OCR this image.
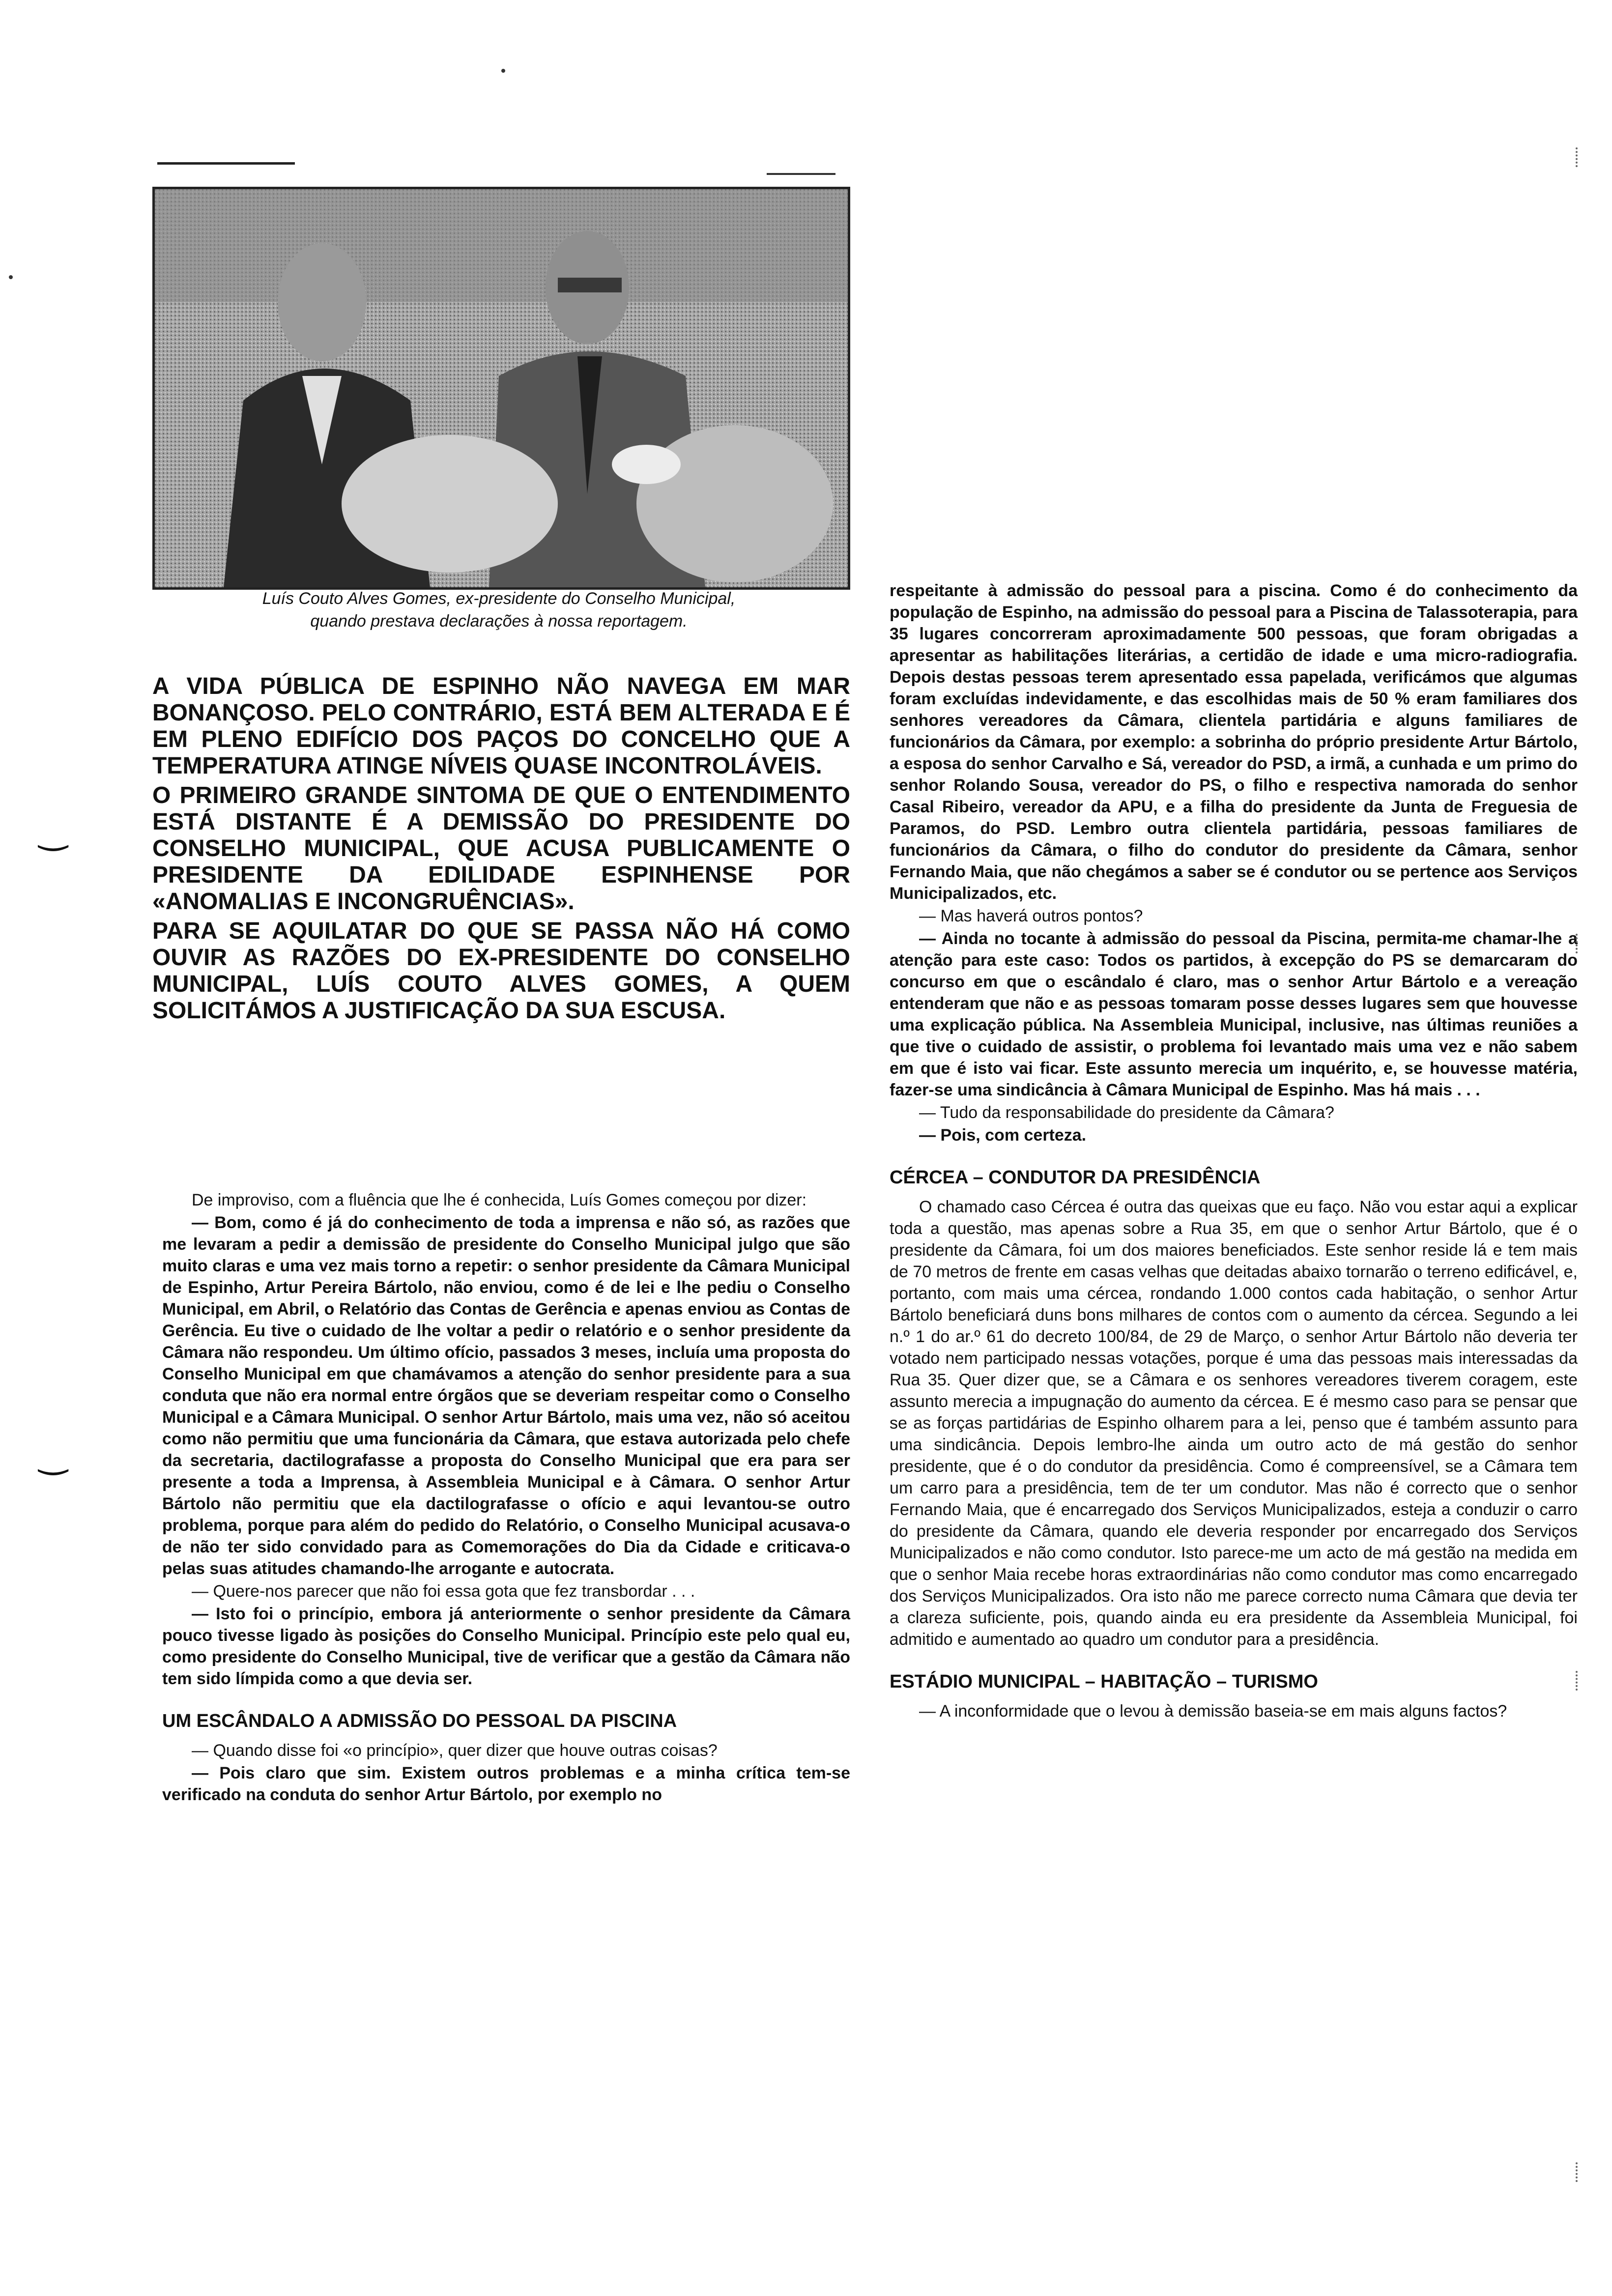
Luís Couto Alves Gomes, ex-presidente do Conselho Municipal,
quando prestava declarações à nossa reportagem.

A VIDA PÚBLICA DE ESPINHO NÃO NAVEGA EM MAR BONANÇOSO. PELO CONTRÁRIO, ESTÁ BEM ALTERADA E É EM PLENO EDIFÍCIO DOS PAÇOS DO CONCELHO QUE A TEMPERATURA ATINGE NÍVEIS QUASE INCONTROLÁVEIS.

O PRIMEIRO GRANDE SINTOMA DE QUE O ENTENDIMENTO ESTÁ DISTANTE É A DEMISSÃO DO PRESIDENTE DO CONSELHO MUNICIPAL, QUE ACUSA PUBLICAMENTE O PRESIDENTE DA EDILIDADE ESPINHENSE POR «ANOMALIAS E INCONGRUÊNCIAS».

PARA SE AQUILATAR DO QUE SE PASSA NÃO HÁ COMO OUVIR AS RAZÕES DO EX-PRESIDENTE DO CONSELHO MUNICIPAL, LUÍS COUTO ALVES GOMES, A QUEM SOLICITÁMOS A JUSTIFICAÇÃO DA SUA ESCUSA.

De improviso, com a fluência que lhe é conhecida, Luís Gomes começou por dizer:

— Bom, como é já do conhecimento de toda a imprensa e não só, as razões que me levaram a pedir a demissão de presidente do Conselho Municipal julgo que são muito claras e uma vez mais torno a repetir: o senhor presidente da Câmara Municipal de Espinho, Artur Pereira Bártolo, não enviou, como é de lei e lhe pediu o Conselho Municipal, em Abril, o Relatório das Contas de Gerência e apenas enviou as Contas de Gerência. Eu tive o cuidado de lhe voltar a pedir o relatório e o senhor presidente da Câmara não respondeu. Um último ofício, passados 3 meses, incluía uma proposta do Conselho Municipal em que chamávamos a atenção do senhor presidente para a sua conduta que não era normal entre órgãos que se deveriam respeitar como o Conselho Municipal e a Câmara Municipal. O senhor Artur Bártolo, mais uma vez, não só aceitou como não permitiu que uma funcionária da Câmara, que estava autorizada pelo chefe da secretaria, dactilografasse a proposta do Conselho Municipal que era para ser presente a toda a Imprensa, à Assembleia Municipal e à Câmara. O senhor Artur Bártolo não permitiu que ela dactilografasse o ofício e aqui levantou-se outro problema, porque para além do pedido do Relatório, o Conselho Municipal acusava-o de não ter sido convidado para as Comemorações do Dia da Cidade e criticava-o pelas suas atitudes chamando-lhe arrogante e autocrata.

— Quere-nos parecer que não foi essa gota que fez transbordar . . .

— Isto foi o princípio, embora já anteriormente o senhor presidente da Câmara pouco tivesse ligado às posições do Conselho Municipal. Princípio este pelo qual eu, como presidente do Conselho Municipal, tive de verificar que a gestão da Câmara não tem sido límpida como a que devia ser.

UM ESCÂNDALO A ADMISSÃO DO PESSOAL DA PISCINA

— Quando disse foi «o princípio», quer dizer que houve outras coisas?

— Pois claro que sim. Existem outros problemas e a minha crítica tem-se verificado na conduta do senhor Artur Bártolo, por exemplo no

respeitante à admissão do pessoal para a piscina. Como é do conhecimento da população de Espinho, na admissão do pessoal para a Piscina de Talassoterapia, para 35 lugares concorreram aproximadamente 500 pessoas, que foram obrigadas a apresentar as habilitações literárias, a certidão de idade e uma micro-radiografia. Depois destas pessoas terem apresentado essa papelada, verificámos que algumas foram excluídas indevidamente, e das escolhidas mais de 50 % eram familiares dos senhores vereadores da Câmara, clientela partidária e alguns familiares de funcionários da Câmara, por exemplo: a sobrinha do próprio presidente Artur Bártolo, a esposa do senhor Carvalho e Sá, vereador do PSD, a irmã, a cunhada e um primo do senhor Rolando Sousa, vereador do PS, o filho e respectiva namorada do senhor Casal Ribeiro, vereador da APU, e a filha do presidente da Junta de Freguesia de Paramos, do PSD. Lembro outra clientela partidária, pessoas familiares de funcionários da Câmara, o filho do condutor do presidente da Câmara, senhor Fernando Maia, que não chegámos a saber se é condutor ou se pertence aos Serviços Municipalizados, etc.

— Mas haverá outros pontos?

— Ainda no tocante à admissão do pessoal da Piscina, permita-me chamar-lhe a atenção para este caso: Todos os partidos, à excepção do PS se demarcaram do concurso em que o escândalo é claro, mas o senhor Artur Bártolo e a vereação entenderam que não e as pessoas tomaram posse desses lugares sem que houvesse uma explicação pública. Na Assembleia Municipal, inclusive, nas últimas reuniões a que tive o cuidado de assistir, o problema foi levantado mais uma vez e não sabem em que é isto vai ficar. Este assunto merecia um inquérito, e, se houvesse matéria, fazer-se uma sindicância à Câmara Municipal de Espinho. Mas há mais . . .

— Tudo da responsabilidade do presidente da Câmara?

— Pois, com certeza.

CÉRCEA – CONDUTOR DA PRESIDÊNCIA

O chamado caso Cércea é outra das queixas que eu faço. Não vou estar aqui a explicar toda a questão, mas apenas sobre a Rua 35, em que o senhor Artur Bártolo, que é o presidente da Câmara, foi um dos maiores beneficiados. Este senhor reside lá e tem mais de 70 metros de frente em casas velhas que deitadas abaixo tornarão o terreno edificável, e, portanto, com mais uma cércea, rondando 1.000 contos cada habitação, o senhor Artur Bártolo beneficiará duns bons milhares de contos com o aumento da cércea. Segundo a lei n.º 1 do ar.º 61 do decreto 100/84, de 29 de Março, o senhor Artur Bártolo não deveria ter votado nem participado nessas votações, porque é uma das pessoas mais interessadas da Rua 35. Quer dizer que, se a Câmara e os senhores vereadores tiverem coragem, este assunto merecia a impugnação do aumento da cércea. E é mesmo caso para se pensar que se as forças partidárias de Espinho olharem para a lei, penso que é também assunto para uma sindicância. Depois lembro-lhe ainda um outro acto de má gestão do senhor presidente, que é o do condutor da presidência. Como é compreensível, se a Câmara tem um carro para a presidência, tem de ter um condutor. Mas não é correcto que o senhor Fernando Maia, que é encarregado dos Serviços Municipalizados, esteja a conduzir o carro do presidente da Câmara, quando ele deveria responder por encarregado dos Serviços Municipalizados e não como condutor. Isto parece-me um acto de má gestão na medida em que o senhor Maia recebe horas extraordinárias não como condutor mas como encarregado dos Serviços Municipalizados. Ora isto não me parece correcto numa Câmara que devia ter a clareza suficiente, pois, quando ainda eu era presidente da Assembleia Municipal, foi admitido e aumentado ao quadro um condutor para a presidência.

ESTÁDIO MUNICIPAL – HABITAÇÃO – TURISMO

— A inconformidade que o levou à demissão baseia-se em mais alguns factos?

‿
‿
